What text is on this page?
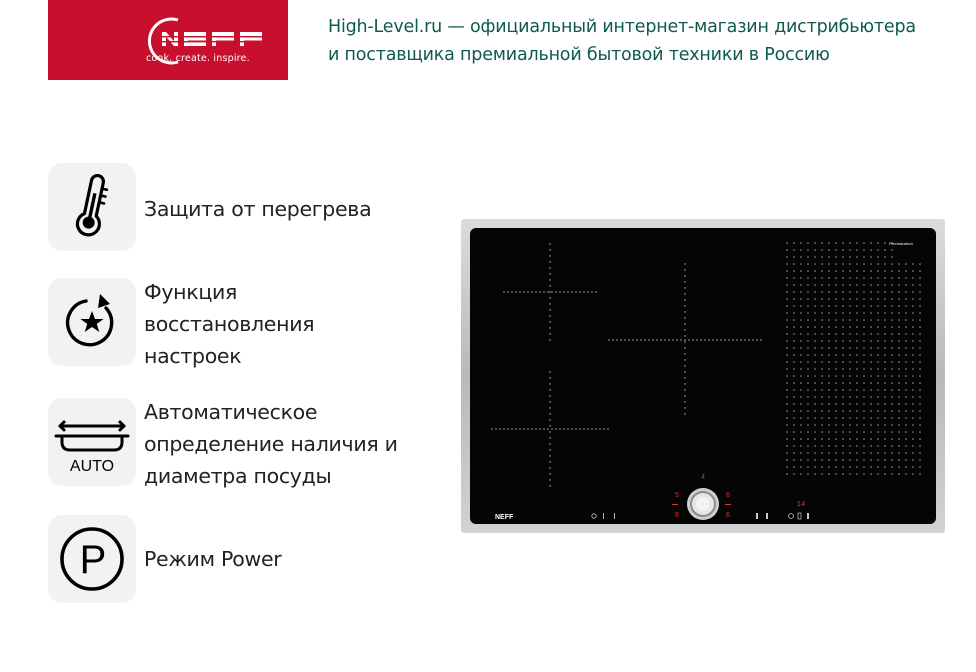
cook. create. inspire.
High-Level.ru — официальный интернет-магазин дистрибьютера
и поставщика премиальной бытовой техники в Россию
Защита от перегрева
Функция
восстановления
настроек
AUTO
Автоматическое
определение наличия и
диаметра посуды
P Режим Power
NEFF
FlexInduction
4
5
8
6
6
14
